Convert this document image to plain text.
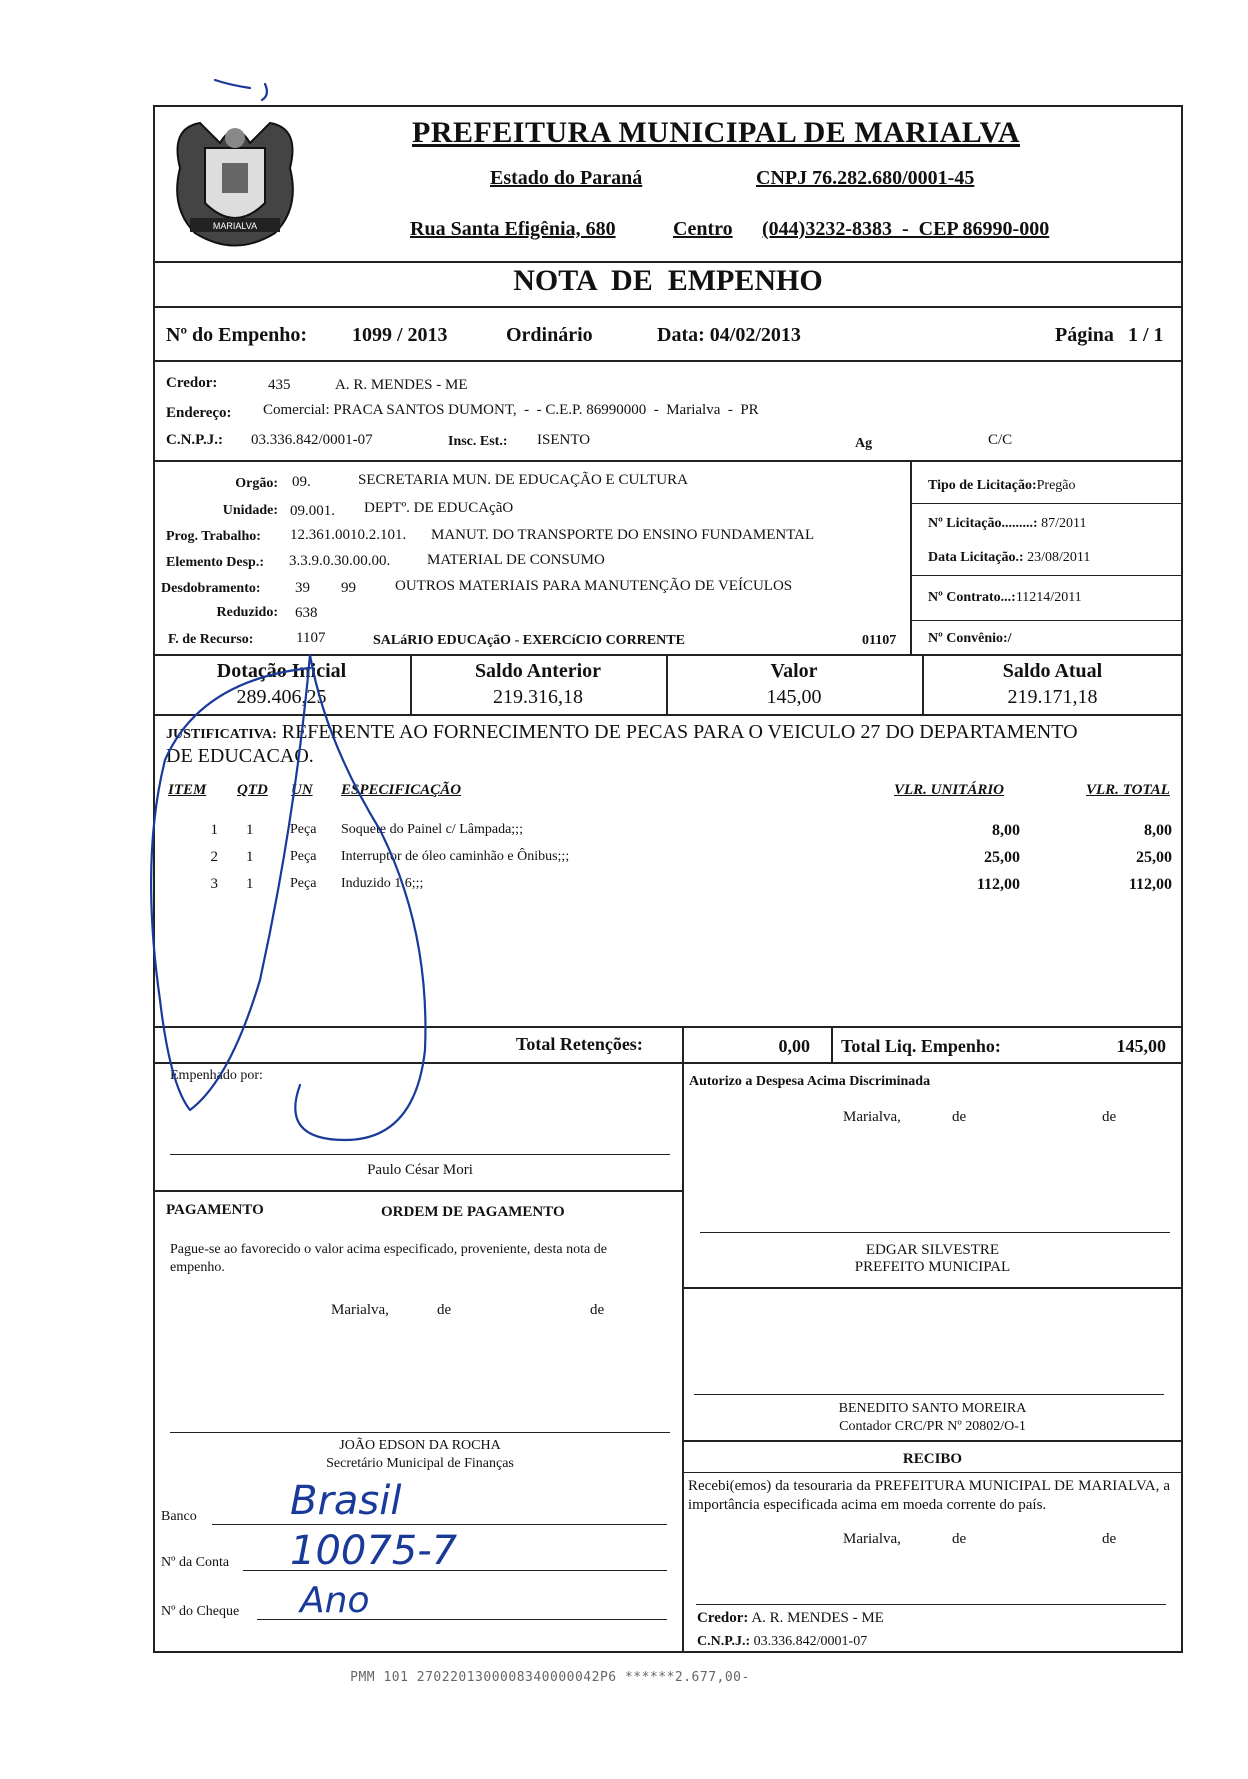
MARIALVA
PREFEITURA MUNICIPAL DE MARIALVA
Estado do Paraná	CNPJ 76.282.680/0001-45
Rua Santa Efigênia, 680	Centro (044)3232-8383  -  CEP 86990-000
NOTA  DE  EMPENHO
Nº do Empenho: 1099 / 2013	Ordinário	Data: 04/02/2013	Página 1 / 1
Credor:	435	A. R. MENDES - ME
Endereço: Comercial: PRACA SANTOS DUMONT,  -  - C.E.P. 86990000  -  Marialva  -  PR
C.N.P.J.: 03.336.842/0001-07	Insc. Est.: ISENTO	Ag	C/C
Orgão: 09.	SECRETARIA MUN. DE EDUCAÇÃO E CULTURA
Unidade: 09.001. DEPTº. DE EDUCAçãO
Prog. Trabalho: 12.361.0010.2.101. MANUT. DO TRANSPORTE DO ENSINO FUNDAMENTAL
Elemento Desp.: 3.3.9.0.30.00.00. MATERIAL DE CONSUMO
Desdobramento: 39 99	OUTROS MATERIAIS PARA MANUTENÇÃO DE VEÍCULOS
Reduzido: 638
F. de Recurso:	1107	SALáRIO EDUCAçãO - EXERCíCIO CORRENTE	01107
Tipo de Licitação:Pregão
Nº Licitação.........: 87/2011
Data Licitação.: 23/08/2011
Nº Contrato...:11214/2011
Nº Convênio:/
Dotação Inicial
289.406,25
Saldo Anterior
219.316,18
Valor
145,00
Saldo Atual
219.171,18
JUSTIFICATIVA: REFERENTE AO FORNECIMENTO DE PECAS PARA O VEICULO 27 DO DEPARTAMENTO
DE EDUCACAO.
ITEM QTD UN ESPECIFICAÇÃO	VLR. UNITÁRIO	VLR. TOTAL
1 1	Peça	Soquete do Painel c/ Lâmpada;;;	8,00	8,00
2 1	Peça	Interruptor de óleo caminhão e Ônibus;;;	25,00	25,00
3 1	Peça	Induzido 1.6;;;	112,00	112,00
Total Retenções:	0,00 Total Liq. Empenho:	145,00
Empenhado por:
Paulo César Mori
Autorizo a Despesa Acima Discriminada
Marialva,	de	de
EDGAR SILVESTRE
PREFEITO MUNICIPAL
PAGAMENTO	ORDEM DE PAGAMENTO
Pague-se ao favorecido o valor acima especificado, proveniente, desta nota de empenho.
Marialva,	de	de
JOÃO EDSON DA ROCHA
Secretário Municipal de Finanças
BENEDITO SANTO MOREIRA
Contador CRC/PR Nº 20802/O-1
RECIBO
Recebi(emos) da tesouraria da PREFEITURA MUNICIPAL DE MARIALVA, a importância especificada acima em moeda corrente do país.
Marialva,	de	de
Credor: A. R. MENDES - ME
C.N.P.J.: 03.336.842/0001-07
Banco Brasil
Nº da Conta 10075-7
Nº do Cheque Ano
PMM 101 2702201300008340000042P6 ******2.677,00-
